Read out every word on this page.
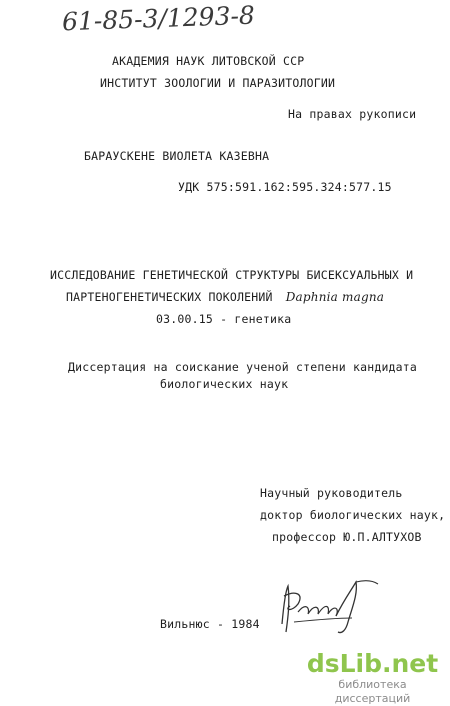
61-85-3/1293-8
АКАДЕМИЯ НАУК ЛИТОВСКОЙ ССР
ИНСТИТУТ ЗООЛОГИИ И ПАРАЗИТОЛОГИИ
На правах рукописи
БАРАУСКЕНЕ ВИОЛЕТА КАЗЕВНА
УДК 575:591.162:595.324:577.15
ИССЛЕДОВАНИЕ ГЕНЕТИЧЕСКОЙ СТРУКТУРЫ БИСЕКСУАЛЬНЫХ И
ПАРТЕНОГЕНЕТИЧЕСКИХ ПОКОЛЕНИЙ Daphnia magna
03.00.15 - генетика
Диссертация на соискание ученой степени кандидата
биологических наук
Научный руководитель
доктор биологических наук,
профессор Ю.П.АЛТУХОВ
Вильнюс - 1984
dsLib.net
библиотека диссертаций
